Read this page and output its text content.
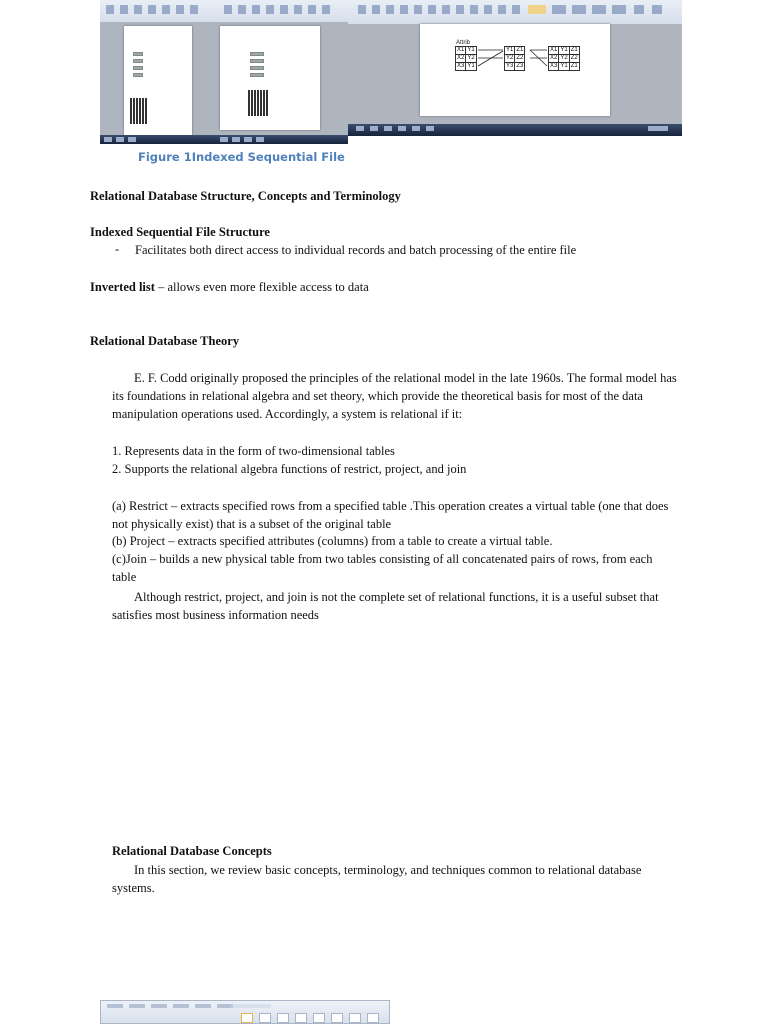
Attrib
X1	Y1
X2	Y2
X3	Y1
Y1	Z1
Y2	Z2
Y3	Z3
X1	Y1	Z1
X2	Y2	Z2
X3	Y1	Z1
Figure 1Indexed Sequential File
Relational Database Structure, Concepts and Terminology
Indexed Sequential File Structure
- Facilitates both direct access to individual records and batch processing of the entire file
Inverted list – allows even more flexible access to data
Relational Database Theory
E. F. Codd originally proposed the principles of the relational model in the late 1960s. The formal model has its foundations in relational algebra and set theory, which provide the theoretical basis for most of the data manipulation operations used. Accordingly, a system is relational if it:
1. Represents data in the form of two-dimensional tables
2. Supports the relational algebra functions of restrict, project, and join
(a) Restrict – extracts specified rows from a specified table .This operation creates a virtual table (one that does not physically exist) that is a subset of the original table
(b) Project – extracts specified attributes (columns) from a table to create a virtual table.
(c)Join – builds a new physical table from two tables consisting of all concatenated pairs of rows, from each table
Although restrict, project, and join is not the complete set of relational functions, it is a useful subset that satisfies most business information needs
Relational Database Concepts
In this section, we review basic concepts, terminology, and techniques common to relational database systems.
